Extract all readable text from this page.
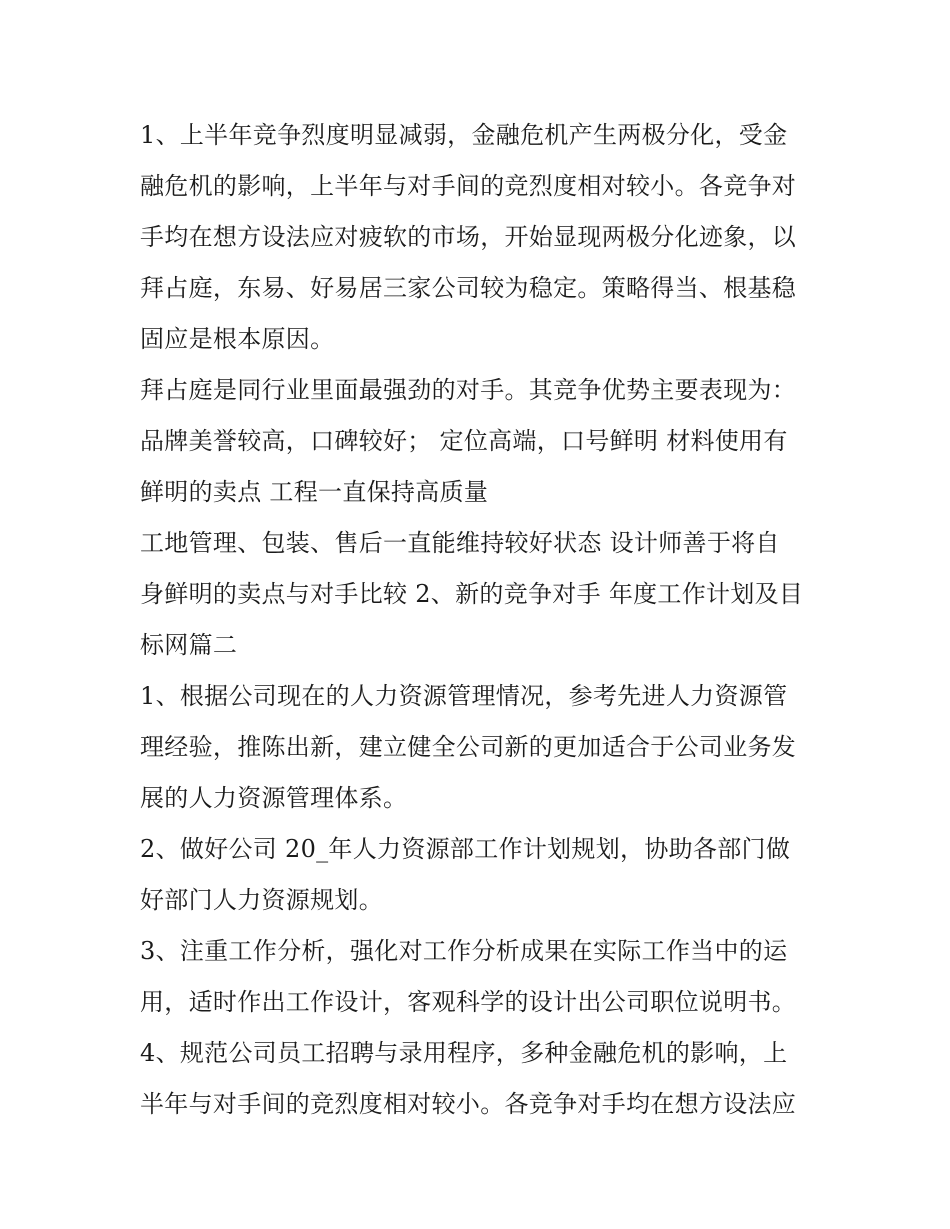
1、上半年竞争烈度明显减弱，金融危机产生两极分化，受金
融危机的影响，上半年与对手间的竞烈度相对较小。各竞争对
手均在想方设法应对疲软的市场，开始显现两极分化迹象，以
拜占庭，东易、好易居三家公司较为稳定。策略得当、根基稳
固应是根本原因。
拜占庭是同行业里面最强劲的对手。其竞争优势主要表现为：
品牌美誉较高，口碑较好； 定位高端，口号鲜明 材料使用有
鲜明的卖点 工程一直保持高质量
工地管理、包装、售后一直能维持较好状态 设计师善于将自
身鲜明的卖点与对手比较 2、新的竞争对手 年度工作计划及目
标网篇二
1、根据公司现在的人力资源管理情况，参考先进人力资源管
理经验，推陈出新，建立健全公司新的更加适合于公司业务发
展的人力资源管理体系。
2、做好公司 20_年人力资源部工作计划规划，协助各部门做
好部门人力资源规划。
3、注重工作分析，强化对工作分析成果在实际工作当中的运
用，适时作出工作设计，客观科学的设计出公司职位说明书。
4、规范公司员工招聘与录用程序，多种金融危机的影响，上
半年与对手间的竞烈度相对较小。各竞争对手均在想方设法应
